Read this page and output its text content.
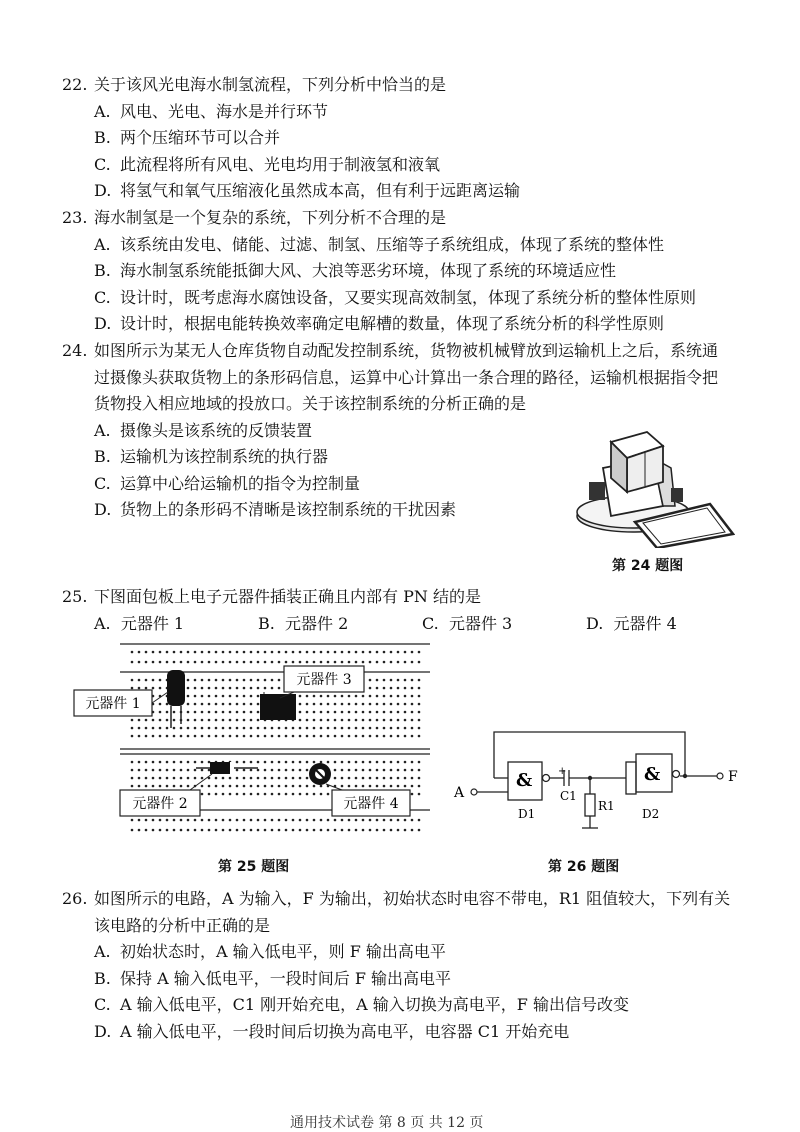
22. 关于该风光电海水制氢流程，下列分析中恰当的是
A. 风电、光电、海水是并行环节
B. 两个压缩环节可以合并
C. 此流程将所有风电、光电均用于制液氢和液氧
D. 将氢气和氧气压缩液化虽然成本高，但有利于远距离运输
23. 海水制氢是一个复杂的系统，下列分析不合理的是
A. 该系统由发电、储能、过滤、制氢、压缩等子系统组成，体现了系统的整体性
B. 海水制氢系统能抵御大风、大浪等恶劣环境，体现了系统的环境适应性
C. 设计时，既考虑海水腐蚀设备，又要实现高效制氢，体现了系统分析的整体性原则
D. 设计时，根据电能转换效率确定电解槽的数量，体现了系统分析的科学性原则
24. 如图所示为某无人仓库货物自动配发控制系统，货物被机械臂放到运输机上之后，系统通
过摄像头获取货物上的条形码信息，运算中心计算出一条合理的路径，运输机根据指令把
货物投入相应地域的投放口。关于该控制系统的分析正确的是
A. 摄像头是该系统的反馈装置
B. 运输机为该控制系统的执行器
C. 运算中心给运输机的指令为控制量
D. 货物上的条形码不清晰是该控制系统的干扰因素
第 24 题图
25. 下图面包板上电子元器件插装正确且内部有 PN 结的是
A. 元器件 1	B. 元器件 2	C. 元器件 3	D. 元器件 4
元器件 1
元器件 3
元器件 2	元器件 4
第 25 题图
A
F
&	&
D1	D2
C1
R1
+
第 26 题图
26. 如图所示的电路，A 为输入，F 为输出，初始状态时电容不带电，R1 阻值较大，下列有关
该电路的分析中正确的是
A. 初始状态时，A 输入低电平，则 F 输出高电平
B. 保持 A 输入低电平，一段时间后 F 输出高电平
C. A 输入低电平，C1 刚开始充电，A 输入切换为高电平，F 输出信号改变
D. A 输入低电平，一段时间后切换为高电平，电容器 C1 开始充电
通用技术试卷 第 8 页 共 12 页
